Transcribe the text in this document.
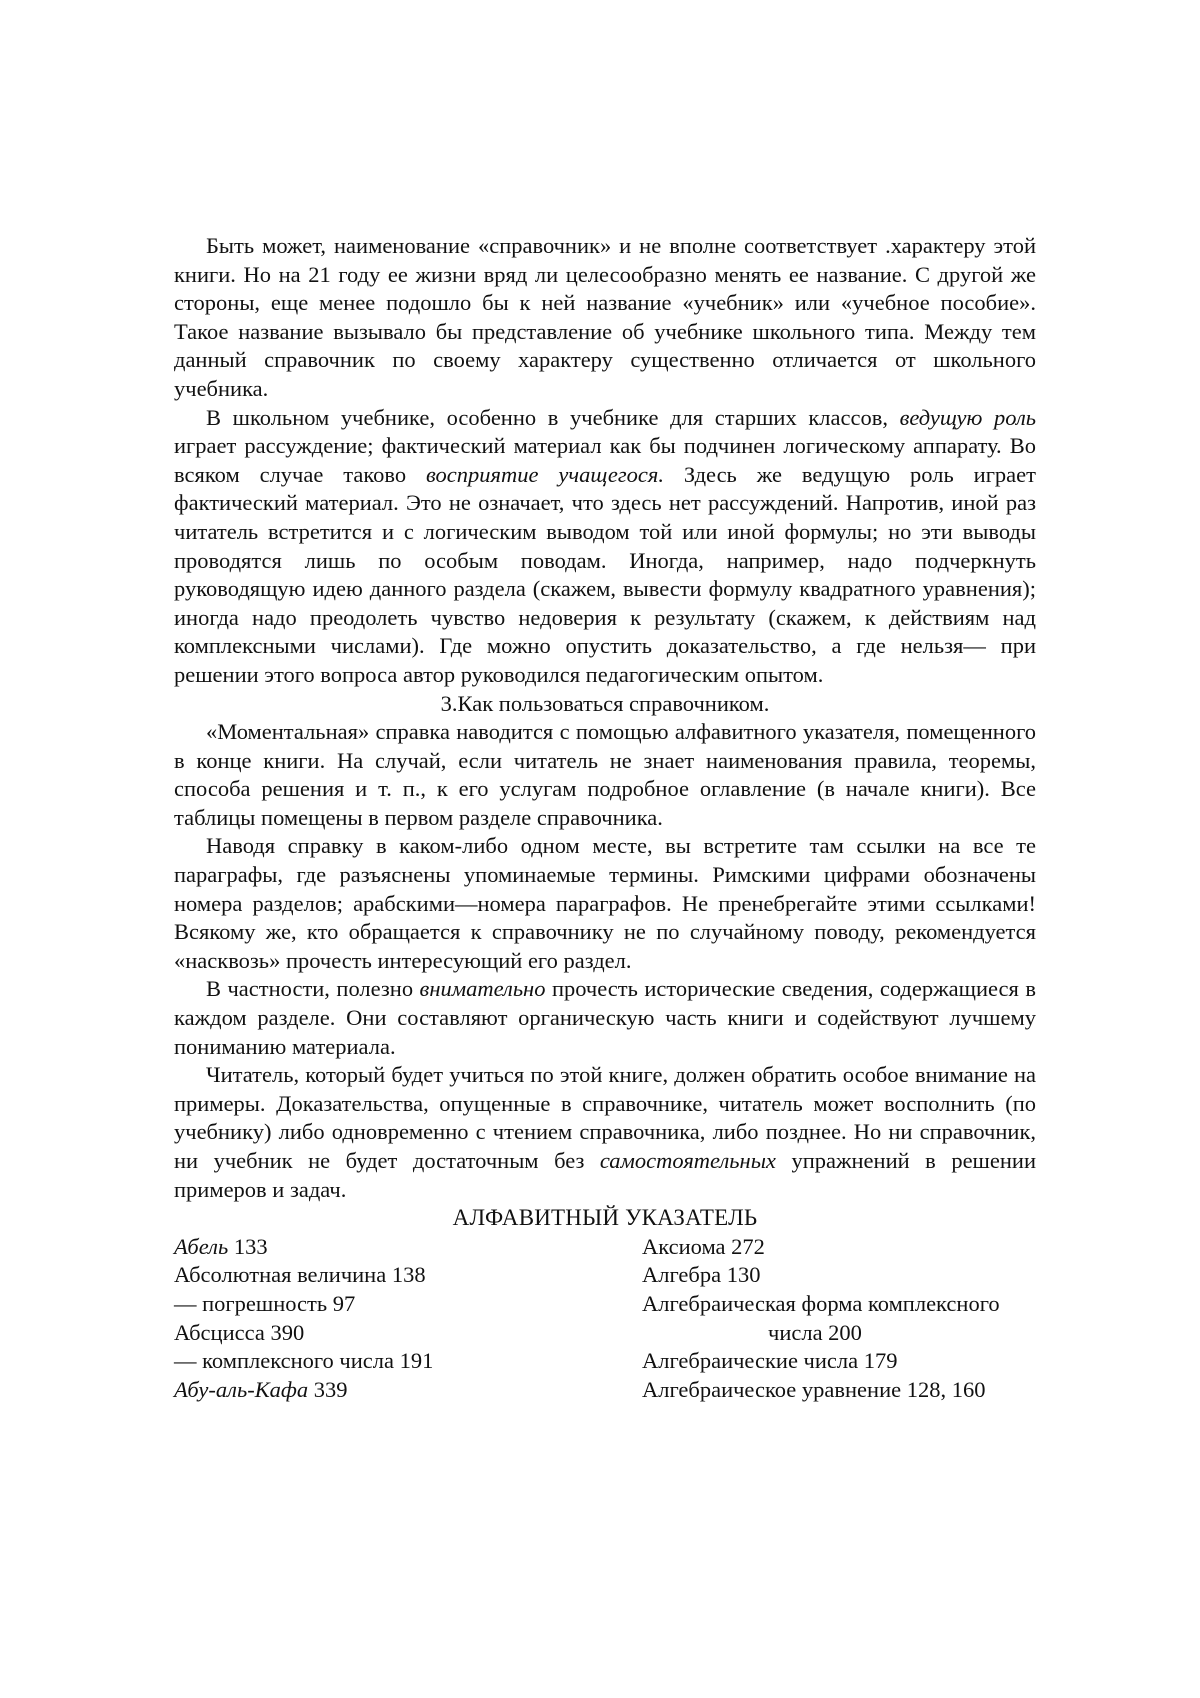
Быть может, наименование «справочник» и не вполне соответствует .характеру этой книги. Но на 21 году ее жизни вряд ли целесообразно менять ее название. С другой же стороны, еще менее подошло бы к ней название «учебник» или «учебное пособие». Такое название вызывало бы представление об учебнике школьного типа. Между тем данный справочник по своему характеру существенно отличается от школьного учебника.

В школьном учебнике, особенно в учебнике для старших классов, ведущую роль играет рассуждение; фактический материал как бы подчинен логическому аппарату. Во всяком случае таково восприятие учащегося. Здесь же ведущую роль играет фактический материал. Это не означает, что здесь нет рассуждений. Напротив, иной раз читатель встретится и с логическим выводом той или иной формулы; но эти выводы проводятся лишь по особым поводам. Иногда, например, надо подчеркнуть руководящую идею данного раздела (скажем, вывести формулу квадратного уравнения); иногда надо преодолеть чувство недоверия к результату (скажем, к действиям над комплексными числами). Где можно опустить доказательство, а где нельзя— при решении этого вопроса автор руководился педагогическим опытом.

3.Как пользоваться справочником.

«Моментальная» справка наводится с помощью алфавитного указателя, помещенного в конце книги. На случай, если читатель не знает наименования правила, теоремы, способа решения и т. п., к его услугам подробное оглавление (в начале книги). Все таблицы помещены в первом разделе справочника.

Наводя справку в каком-либо одном месте, вы встретите там ссылки на все те параграфы, где разъяснены упоминаемые термины. Римскими цифрами обозначены номера разделов; арабскими—номера параграфов. Не пренебрегайте этими ссылками! Всякому же, кто обращается к справочнику не по случайному поводу, рекомендуется «насквозь» прочесть интересующий его раздел.

В частности, полезно внимательно прочесть исторические сведения, содержащиеся в каждом разделе. Они составляют органическую часть книги и содействуют лучшему пониманию материала.

Читатель, который будет учиться по этой книге, должен обратить особое внимание на примеры. Доказательства, опущенные в справочнике, читатель может восполнить (по учебнику) либо одновременно с чтением справочника, либо позднее. Но ни справочник, ни учебник не будет достаточным без самостоятельных упражнений в решении примеров и задач.

АЛФАВИТНЫЙ УКАЗАТЕЛЬ
Абель 133
Абсолютная величина 138
— погрешность 97
Абсцисса 390
— комплексного числа 191
Абу-аль-Кафа 339
Аксиома 272
Алгебра 130
Алгебраическая форма комплексного
числа 200
Алгебраические числа 179
Алгебраическое уравнение 128, 160
